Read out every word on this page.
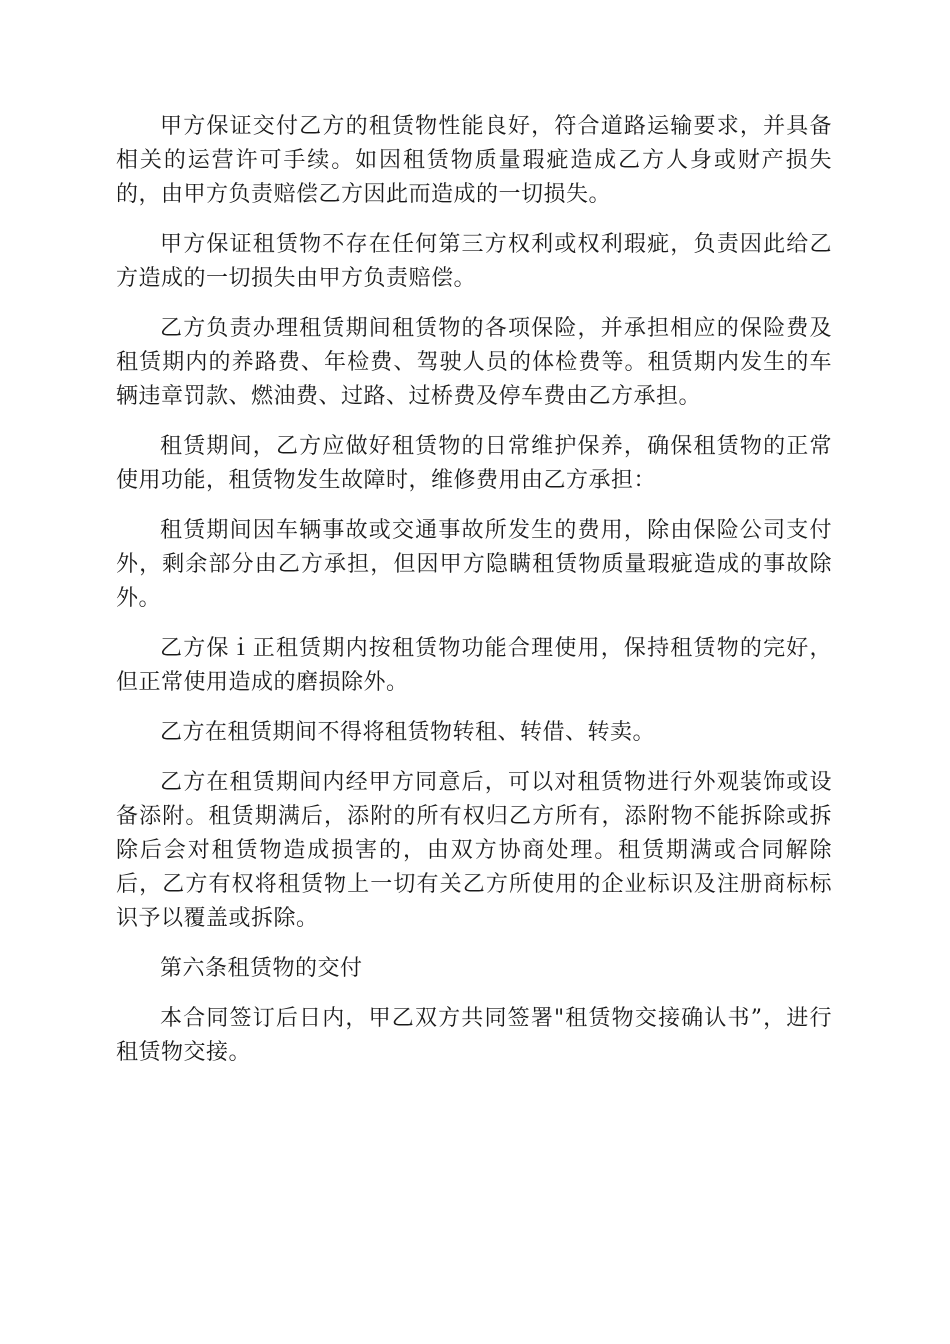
甲方保证交付乙方的租赁物性能良好，符合道路运输要求，并具备相关的运营许可手续。如因租赁物质量瑕疵造成乙方人身或财产损失的，由甲方负责赔偿乙方因此而造成的一切损失。

甲方保证租赁物不存在任何第三方权利或权利瑕疵，负责因此给乙方造成的一切损失由甲方负责赔偿。

乙方负责办理租赁期间租赁物的各项保险，并承担相应的保险费及租赁期内的养路费、年检费、驾驶人员的体检费等。租赁期内发生的车辆违章罚款、燃油费、过路、过桥费及停车费由乙方承担。

租赁期间，乙方应做好租赁物的日常维护保养，确保租赁物的正常使用功能，租赁物发生故障时，维修费用由乙方承担：

租赁期间因车辆事故或交通事故所发生的费用，除由保险公司支付外，剩余部分由乙方承担，但因甲方隐瞒租赁物质量瑕疵造成的事故除外。

乙方保ｉ正租赁期内按租赁物功能合理使用，保持租赁物的完好，但正常使用造成的磨损除外。

乙方在租赁期间不得将租赁物转租、转借、转卖。

乙方在租赁期间内经甲方同意后，可以对租赁物进行外观装饰或设备添附。租赁期满后，添附的所有权归乙方所有，添附物不能拆除或拆除后会对租赁物造成损害的，由双方协商处理。租赁期满或合同解除后，乙方有权将租赁物上一切有关乙方所使用的企业标识及注册商标标识予以覆盖或拆除。

第六条租赁物的交付

本合同签订后日内，甲乙双方共同签署"租赁物交接确认书”，进行租赁物交接。
